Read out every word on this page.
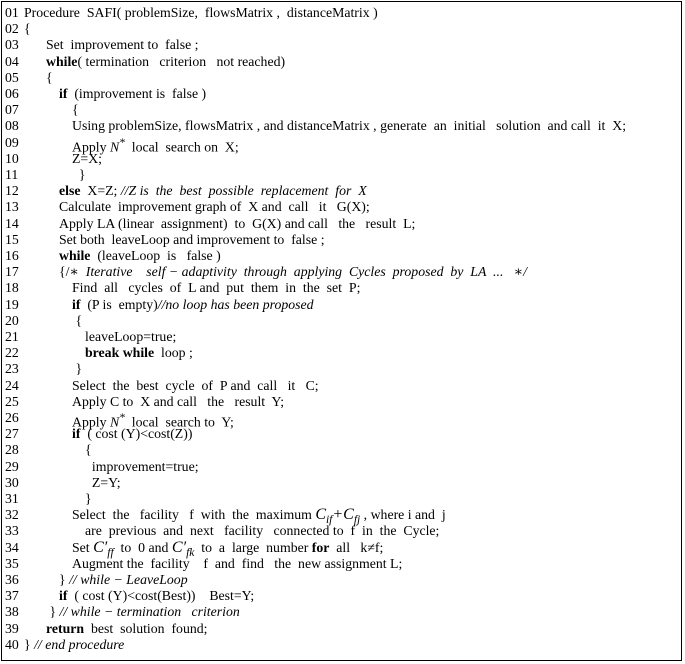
01 Procedure  SAFI( problemSize,  flowsMatrix ,  distanceMatrix )
02 {
03 Set  improvement to  false ;
04 while( termination   criterion   not reached)
05 {
06	if  (improvement is  false )
07	{
08	Using problemSize, flowsMatrix , and distanceMatrix , generate  an  initial   solution  and call  it  X;
09	Apply N*  local  search on  X;
10	Z=X;
11	}
12	else  X=Z; //Z is  the  best  possible  replacement  for  X
13	Calculate  improvement graph of  X and  call   it   G(X);
14	Apply LA (linear  assignment)  to  G(X) and call   the   result  L;
15	Set both  leaveLoop and improvement to  false ;
16	while  (leaveLoop  is   false )
17	{/∗  Iterative    self − adaptivity  through  applying  Cycles  proposed  by  LA  ...   ∗/
18	Find  all   cycles  of  L and  put  them  in  the  set  P;
19	if  (P is  empty)//no loop has been proposed
20	{
21	leaveLoop=true;
22	break while  loop ;
23	}
24	Select  the  best  cycle  of  P and  call   it   C;
25	Apply C to  X and call   the   result  Y;
26	Apply N*  local  search to  Y;
27	if  ( cost (Y)<cost(Z))
28	{
29	improvement=true;
30	Z=Y;
31	}
32	Select  the   facility   f  with  the  maximum $C_{if}+C_{fj}$ , where i and  j
33	are  previous  and  next   facility   connected to  f  in  the  Cycle;
34	Set $C'_{ff}$  to  0 and $C'_{fk}$  to  a  large  number for  all   k≠f;
35	Augment the  facility    f  and  find   the  new assignment L;
36	} // while − LeaveLoop
37	if  ( cost (Y)<cost(Best))    Best=Y;
38 } // while − termination   criterion
39 return  best  solution  found;
40 } // end procedure
